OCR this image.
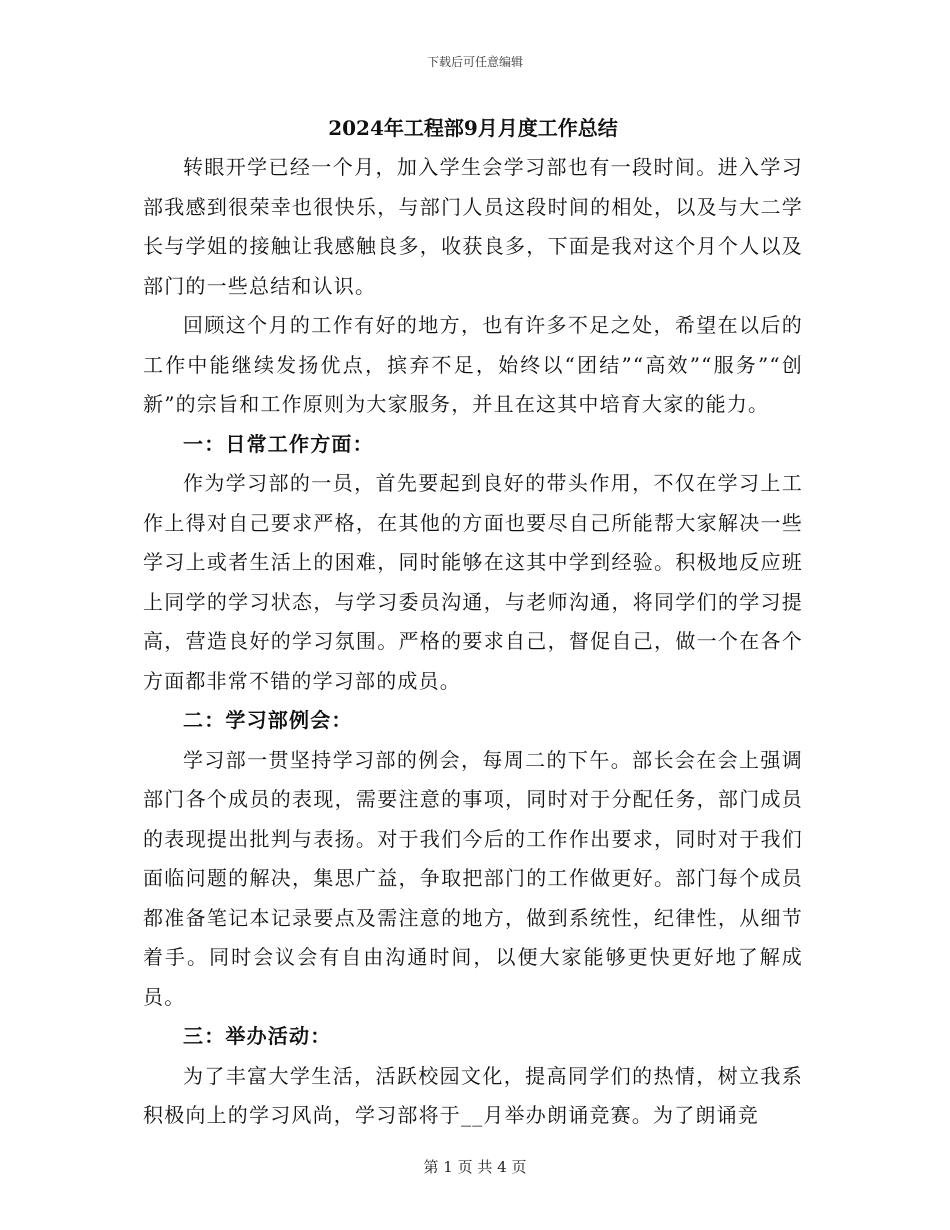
下载后可任意编辑
2024年工程部9月月度工作总结

转眼开学已经一个月，加入学生会学习部也有一段时间。进入学习部我感到很荣幸也很快乐，与部门人员这段时间的相处，以及与大二学长与学姐的接触让我感触良多，收获良多，下面是我对这个月个人以及部门的一些总结和认识。

回顾这个月的工作有好的地方，也有许多不足之处，希望在以后的工作中能继续发扬优点，摈弃不足，始终以“团结”“高效”“服务”“创新”的宗旨和工作原则为大家服务，并且在这其中培育大家的能力。

一：日常工作方面：

作为学习部的一员，首先要起到良好的带头作用，不仅在学习上工作上得对自己要求严格，在其他的方面也要尽自己所能帮大家解决一些学习上或者生活上的困难，同时能够在这其中学到经验。积极地反应班上同学的学习状态，与学习委员沟通，与老师沟通，将同学们的学习提高，营造良好的学习氛围。严格的要求自己，督促自己，做一个在各个方面都非常不错的学习部的成员。

二：学习部例会：

学习部一贯坚持学习部的例会，每周二的下午。部长会在会上强调部门各个成员的表现，需要注意的事项，同时对于分配任务，部门成员的表现提出批判与表扬。对于我们今后的工作作出要求，同时对于我们面临问题的解决，集思广益，争取把部门的工作做更好。部门每个成员都准备笔记本记录要点及需注意的地方，做到系统性，纪律性，从细节着手。同时会议会有自由沟通时间，以便大家能够更快更好地了解成员。

三：举办活动：

为了丰富大学生活，活跃校园文化，提高同学们的热情，树立我系积极向上的学习风尚，学习部将于__月举办朗诵竞赛。为了朗诵竞

第 1 页 共 4 页
